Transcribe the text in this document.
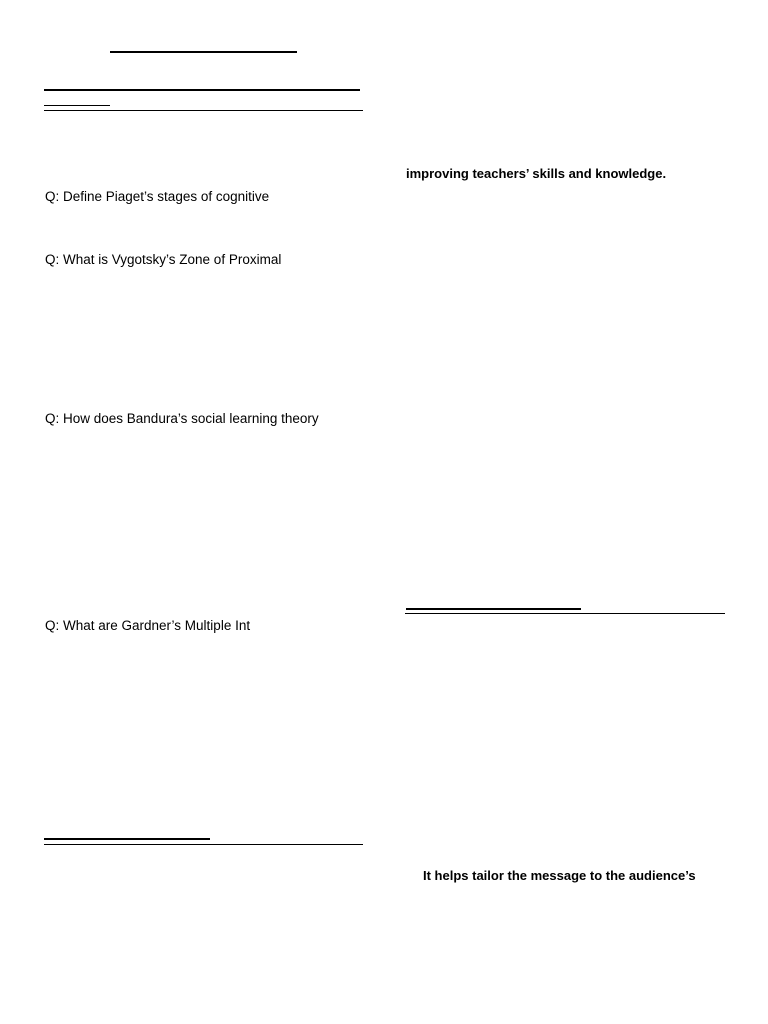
Q: Define Piaget’s stages of cognitive
Q: What is Vygotsky’s Zone of Proximal
Q: How does Bandura’s social learning theory
Q: What are Gardner’s Multiple Int
improving teachers’ skills and knowledge.
It helps tailor the message to the audience’s
